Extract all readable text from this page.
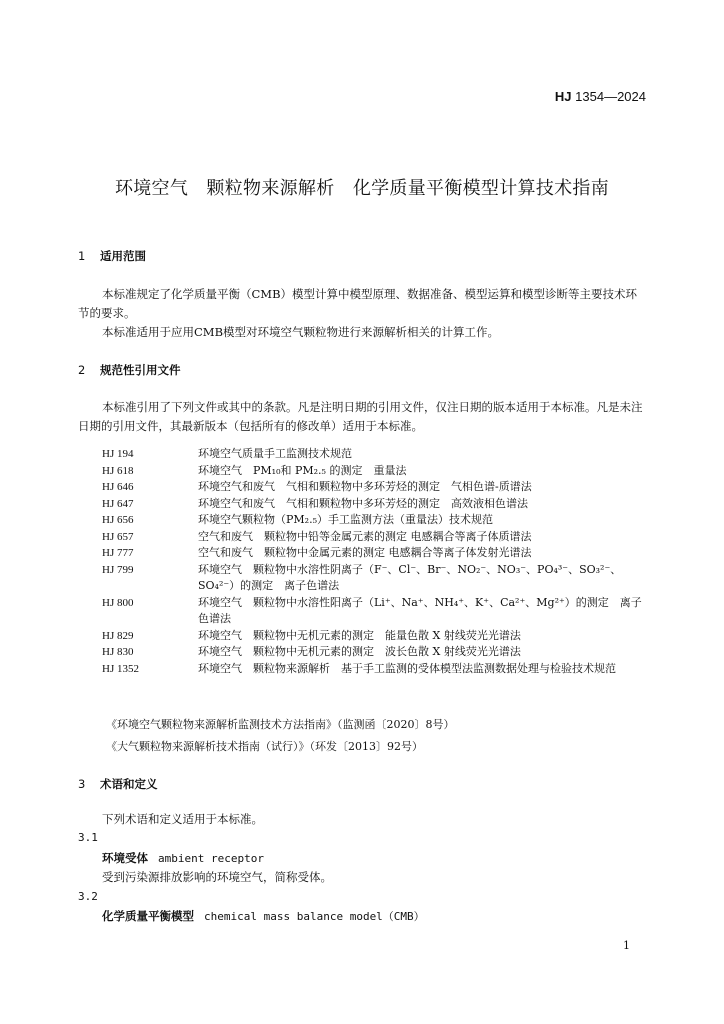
HJ 1354—2024
环境空气　颗粒物来源解析　化学质量平衡模型计算技术指南
1 适用范围
本标准规定了化学质量平衡（CMB）模型计算中模型原理、数据准备、模型运算和模型诊断等主要技术环节的要求。
本标准适用于应用CMB模型对环境空气颗粒物进行来源解析相关的计算工作。
2 规范性引用文件
本标准引用了下列文件或其中的条款。凡是注明日期的引用文件，仅注日期的版本适用于本标准。凡是未注日期的引用文件，其最新版本（包括所有的修改单）适用于本标准。
HJ 194	环境空气质量手工监测技术规范
HJ 618	环境空气　PM₁₀和 PM₂.₅ 的测定　重量法
HJ 646	环境空气和废气　气相和颗粒物中多环芳烃的测定　气相色谱-质谱法
HJ 647	环境空气和废气　气相和颗粒物中多环芳烃的测定　高效液相色谱法
HJ 656	环境空气颗粒物（PM₂.₅）手工监测方法（重量法）技术规范
HJ 657	空气和废气　颗粒物中铅等金属元素的测定 电感耦合等离子体质谱法
HJ 777	空气和废气　颗粒物中金属元素的测定 电感耦合等离子体发射光谱法
HJ 799	环境空气　颗粒物中水溶性阴离子（F⁻、Cl⁻、Br⁻、NO₂⁻、NO₃⁻、PO₄³⁻、SO₃²⁻、SO₄²⁻）的测定　离子色谱法
HJ 800	环境空气　颗粒物中水溶性阳离子（Li⁺、Na⁺、NH₄⁺、K⁺、Ca²⁺、Mg²⁺）的测定　离子色谱法
HJ 829	环境空气　颗粒物中无机元素的测定　能量色散 X 射线荧光光谱法
HJ 830	环境空气　颗粒物中无机元素的测定　波长色散 X 射线荧光光谱法
HJ 1352	环境空气　颗粒物来源解析　基于手工监测的受体模型法监测数据处理与检验技术规范
《环境空气颗粒物来源解析监测技术方法指南》（监测函〔2020〕8号）
《大气颗粒物来源解析技术指南（试行）》（环发〔2013〕92号）
3 术语和定义
下列术语和定义适用于本标准。
3.1
环境受体 ambient receptor
受到污染源排放影响的环境空气，简称受体。
3.2
化学质量平衡模型 chemical mass balance model（CMB）
1
